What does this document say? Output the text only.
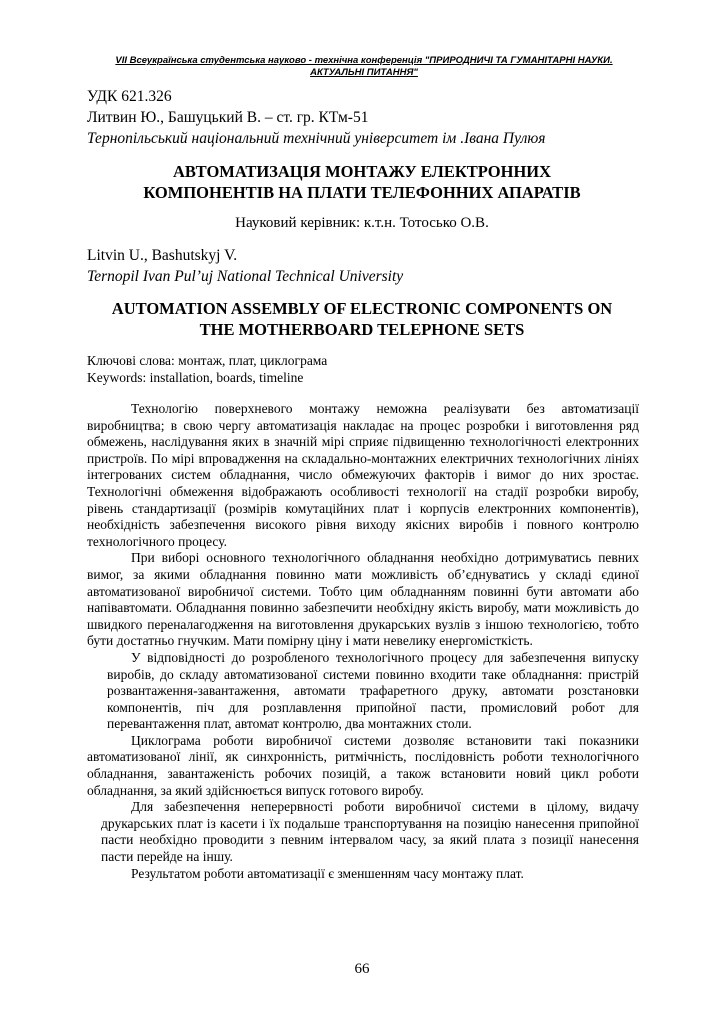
VII Всеукраїнська студентська науково - технічна конференція "ПРИРОДНИЧІ ТА ГУМАНІТАРНІ НАУКИ. АКТУАЛЬНІ ПИТАННЯ"
УДК 621.326
Литвин Ю., Башуцький В. – ст. гр. КТм-51
Тернопільський національний технічний університет ім .Івана Пулюя
АВТОМАТИЗАЦІЯ МОНТАЖУ ЕЛЕКТРОННИХ КОМПОНЕНТІВ НА ПЛАТИ ТЕЛЕФОННИХ АПАРАТІВ
Науковий керівник: к.т.н. Тотосько О.В.
Litvin U., Bashutskyj V.
Ternopil Ivan Pul’uj National Technical University
AUTOMATION ASSEMBLY OF ELECTRONIC COMPONENTS ON THE MOTHERBOARD TELEPHONE SETS
Ключові слова: монтаж, плат, циклограма
Keywords: installation, boards, timeline

Технологію поверхневого монтажу неможна реалізувати без автоматизації виробництва; в свою чергу автоматизація накладає на процес розробки і виготовлення ряд обмежень, наслідування яких в значній мірі сприяє підвищенню технологічності електронних пристроїв. По мірі впровадження на складально-монтажних електричних технологічних лініях інтегрованих систем обладнання, число обмежуючих факторів і вимог до них зростає. Технологічні обмеження відображають особливості технології на стадії розробки виробу, рівень стандартизації (розмірів комутаційних плат і корпусів електронних компонентів), необхідність забезпечення високого рівня виходу якісних виробів і повного контролю технологічного процесу.

При виборі основного технологічного обладнання необхідно дотримуватись певних вимог, за якими обладнання повинно мати можливість об’єднуватись у складі єдиної автоматизованої виробничої системи. Тобто цим обладнанням повинні бути автомати або напівавтомати. Обладнання повинно забезпечити необхідну якість виробу, мати можливість до швидкого переналагодження на виготовлення друкарських вузлів з іншою технологією, тобто бути достатньо гнучким. Мати помірну ціну і мати невелику енергомісткість.

У відповідності до розробленого технологічного процесу для забезпечення випуску виробів, до складу автоматизованої системи повинно входити таке обладнання: пристрій розвантаження-завантаження, автомати трафаретного друку, автомати розстановки компонентів, піч для розплавлення припойної пасти, промисловий робот для перевантаження плат, автомат контролю, два монтажних столи.

Циклограма роботи виробничої системи дозволяє встановити такі показники автоматизованої лінії, як синхронність, ритмічність, послідовність роботи технологічного обладнання, завантаженість робочих позицій, а також встановити новий цикл роботи обладнання, за який здійснюється випуск готового виробу.

Для забезпечення неперервності роботи виробничої системи в цілому, видачу друкарських плат із касети і їх подальше транспортування на позицію нанесення припойної пасти необхідно проводити з певним інтервалом часу, за який плата з позиції нанесення пасти перейде на іншу.

Результатом роботи автоматизації є зменшенням часу монтажу плат.

66
